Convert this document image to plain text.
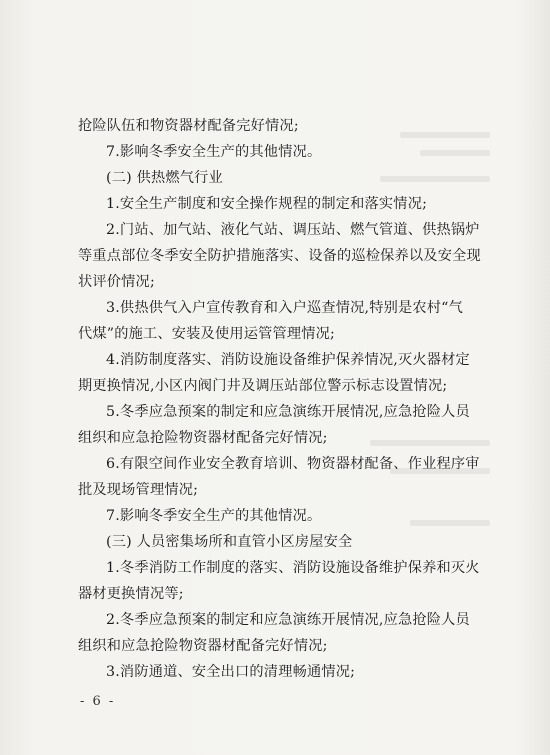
抢险队伍和物资器材配备完好情况;
7.影响冬季安全生产的其他情况。
(二) 供热燃气行业
1.安全生产制度和安全操作规程的制定和落实情况;
2.门站、加气站、液化气站、调压站、燃气管道、供热锅炉
等重点部位冬季安全防护措施落实、设备的巡检保养以及安全现
状评价情况;
3.供热供气入户宣传教育和入户巡查情况,特别是农村“气
代煤”的施工、安装及使用运管管理情况;
4.消防制度落实、消防设施设备维护保养情况,灭火器材定
期更换情况,小区内阀门井及调压站部位警示标志设置情况;
5.冬季应急预案的制定和应急演练开展情况,应急抢险人员
组织和应急抢险物资器材配备完好情况;
6.有限空间作业安全教育培训、物资器材配备、作业程序审
批及现场管理情况;
7.影响冬季安全生产的其他情况。
(三) 人员密集场所和直管小区房屋安全
1.冬季消防工作制度的落实、消防设施设备维护保养和灭火
器材更换情况等;
2.冬季应急预案的制定和应急演练开展情况,应急抢险人员
组织和应急抢险物资器材配备完好情况;
3.消防通道、安全出口的清理畅通情况;
- 6 -
